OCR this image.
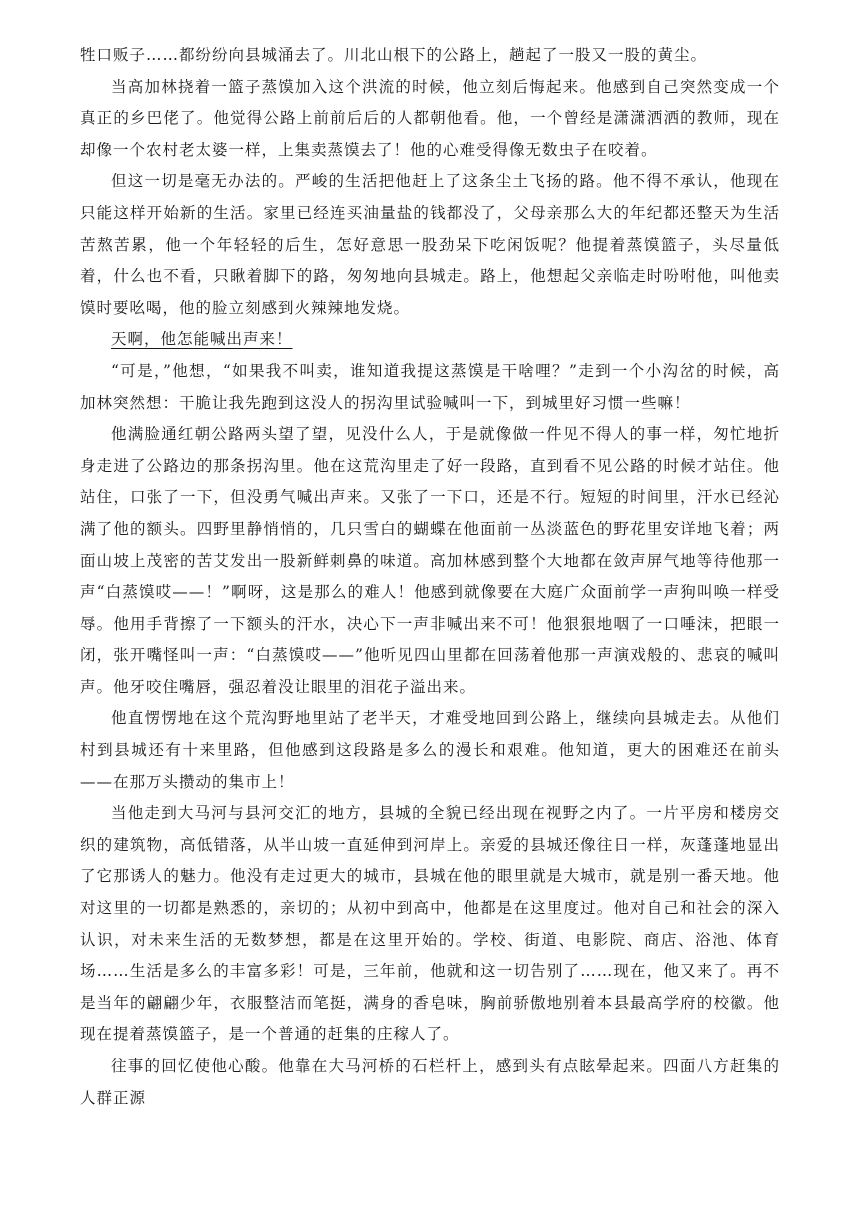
牲口贩子……都纷纷向县城涌去了。川北山根下的公路上，趟起了一股又一股的黄尘。

当高加林挠着一篮子蒸馍加入这个洪流的时候，他立刻后悔起来。他感到自己突然变成一个真正的乡巴佬了。他觉得公路上前前后后的人都朝他看。他，一个曾经是潇潇洒洒的教师，现在却像一个农村老太婆一样，上集卖蒸馍去了！他的心难受得像无数虫子在咬着。

但这一切是毫无办法的。严峻的生活把他赶上了这条尘土飞扬的路。他不得不承认，他现在只能这样开始新的生活。家里已经连买油量盐的钱都没了，父母亲那么大的年纪都还整天为生活苦熬苦累，他一个年轻轻的后生，怎好意思一股劲呆下吃闲饭呢？他提着蒸馍篮子，头尽量低着，什么也不看，只瞅着脚下的路，匆匆地向县城走。路上，他想起父亲临走时吩咐他，叫他卖馍时要吆喝，他的脸立刻感到火辣辣地发烧。

天啊，他怎能喊出声来！

“可是，”他想，“如果我不叫卖，谁知道我提这蒸馍是干啥哩？”走到一个小沟岔的时候，高加林突然想：干脆让我先跑到这没人的拐沟里试验喊叫一下，到城里好习惯一些嘛！

他满脸通红朝公路两头望了望，见没什么人，于是就像做一件见不得人的事一样，匆忙地折身走进了公路边的那条拐沟里。他在这荒沟里走了好一段路，直到看不见公路的时候才站住。他站住，口张了一下，但没勇气喊出声来。又张了一下口，还是不行。短短的时间里，汗水已经沁满了他的额头。四野里静悄悄的，几只雪白的蝴蝶在他面前一丛淡蓝色的野花里安详地飞着；两面山坡上茂密的苦艾发出一股新鲜刺鼻的味道。高加林感到整个大地都在敛声屏气地等待他那一声“白蒸馍哎——！”啊呀，这是那么的难人！他感到就像要在大庭广众面前学一声狗叫唤一样受辱。他用手背擦了一下额头的汗水，决心下一声非喊出来不可！他狠狠地咽了一口唾沫，把眼一闭，张开嘴怪叫一声：“白蒸馍哎——”他听见四山里都在回荡着他那一声演戏般的、悲哀的喊叫声。他牙咬住嘴唇，强忍着没让眼里的泪花子溢出来。

他直愣愣地在这个荒沟野地里站了老半天，才难受地回到公路上，继续向县城走去。从他们村到县城还有十来里路，但他感到这段路是多么的漫长和艰难。他知道，更大的困难还在前头——在那万头攒动的集市上！

当他走到大马河与县河交汇的地方，县城的全貌已经出现在视野之内了。一片平房和楼房交织的建筑物，高低错落，从半山坡一直延伸到河岸上。亲爱的县城还像往日一样，灰蓬蓬地显出了它那诱人的魅力。他没有走过更大的城市，县城在他的眼里就是大城市，就是别一番天地。他对这里的一切都是熟悉的，亲切的；从初中到高中，他都是在这里度过。他对自己和社会的深入认识，对未来生活的无数梦想，都是在这里开始的。学校、街道、电影院、商店、浴池、体育场……生活是多么的丰富多彩！可是，三年前，他就和这一切告别了……现在，他又来了。再不是当年的翩翩少年，衣服整洁而笔挺，满身的香皂味，胸前骄傲地别着本县最高学府的校徽。他现在提着蒸馍篮子，是一个普通的赶集的庄稼人了。

往事的回忆使他心酸。他靠在大马河桥的石栏杆上，感到头有点眩晕起来。四面八方赶集的人群正源
